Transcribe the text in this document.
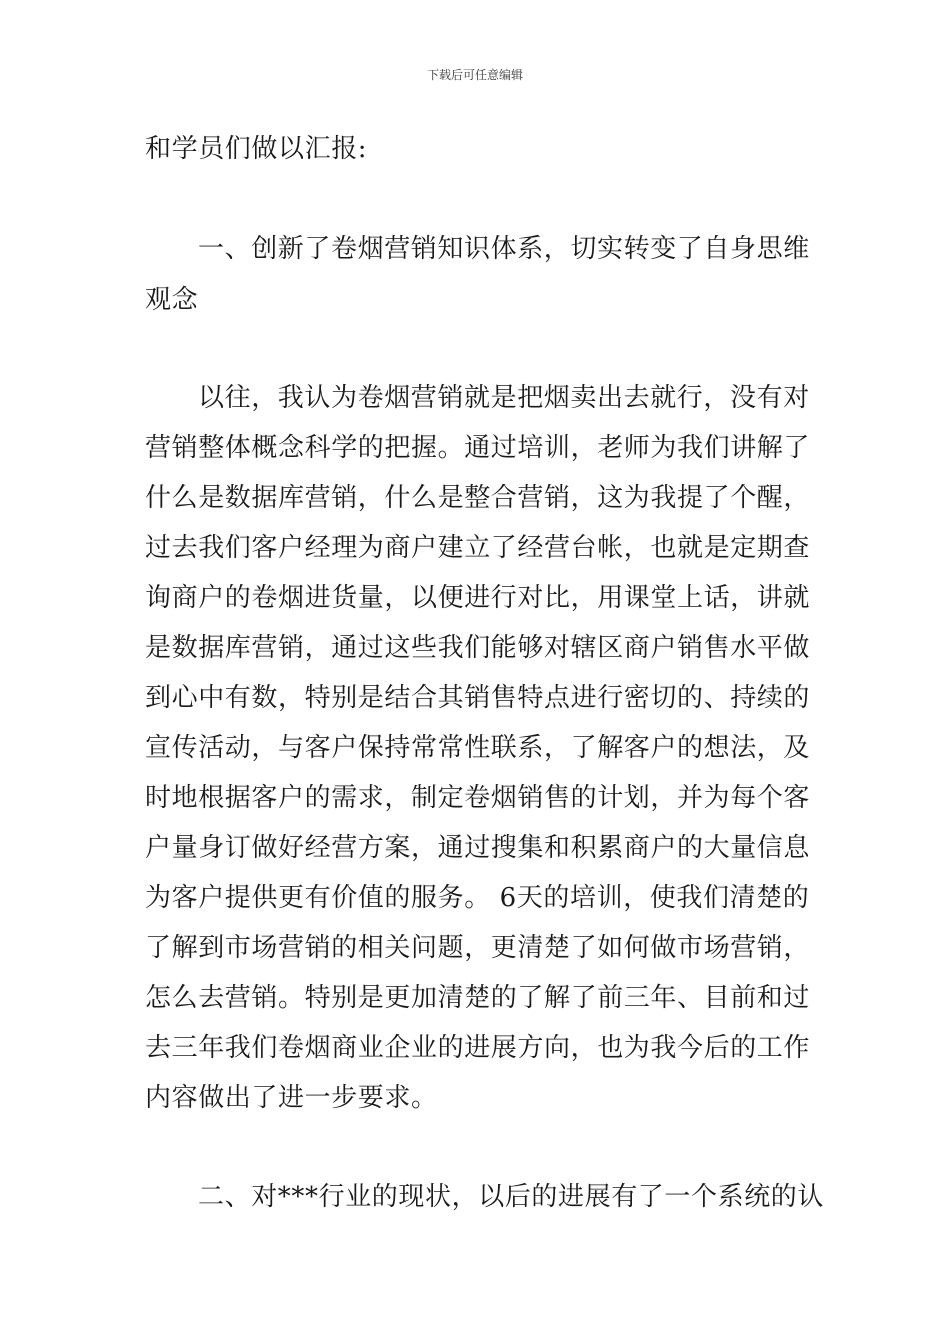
下载后可任意编辑
和学员们做以汇报:
一、创新了卷烟营销知识体系，切实转变了自身思维
观念
以往，我认为卷烟营销就是把烟卖出去就行，没有对
营销整体概念科学的把握。通过培训，老师为我们讲解了
什么是数据库营销，什么是整合营销，这为我提了个醒，
过去我们客户经理为商户建立了经营台帐，也就是定期查
询商户的卷烟进货量，以便进行对比，用课堂上话，讲就
是数据库营销，通过这些我们能够对辖区商户销售水平做
到心中有数，特别是结合其销售特点进行密切的、持续的
宣传活动，与客户保持常常性联系，了解客户的想法，及
时地根据客户的需求，制定卷烟销售的计划，并为每个客
户量身订做好经营方案，通过搜集和积累商户的大量信息
为客户提供更有价值的服务。 6天的培训，使我们清楚的
了解到市场营销的相关问题，更清楚了如何做市场营销，
怎么去营销。特别是更加清楚的了解了前三年、目前和过
去三年我们卷烟商业企业的进展方向，也为我今后的工作
内容做出了进一步要求。
二、对***行业的现状，以后的进展有了一个系统的认
